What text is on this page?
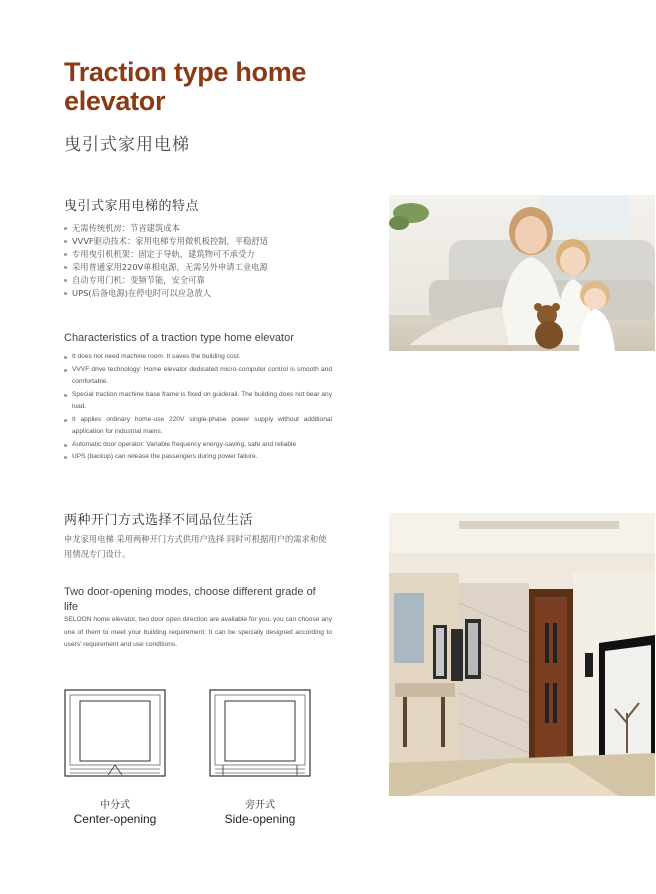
Traction type home elevator
曳引式家用电梯
曳引式家用电梯的特点
无需传统机房：节省建筑成本
VVVF驱动技术：家用电梯专用微机板控制，平稳舒适
专用曳引机机架：固定于导轨，建筑物可不承受力
采用普通家用220V单相电源，无需另外申请工业电源
自动专用门机：变频节能，安全可靠
UPS(后备电源)在停电时可以应急放人
Characteristics of a traction type home elevator
It does not need machine room. It saves the building cost.
VVVF drive technology: Home elevator dedicated micro-computer control is smooth and comfortable.
Special traction machine base frame is fixed on guiderail. The building does not bear any load.
It applies ordinary home-use 220V single-phase power supply without additional application for industrial mains.
Automatic door operator: Variable frequency energy-saving, safe and reliable
UPS (backup) can release the passengers during power failure.
两种开门方式选择不同品位生活
申龙家用电梯 采用两种开门方式供用户选择 同时可根据用户的需求和使用情况专门设计。
Two door-opening modes, choose different grade of life
SELOON home elevator, two door open direction are available for you, you can choose any one of them to meet your building requirement. It can be specially designed according to users' requirement and use conditions.
中分式
Center-opening
旁开式
Side-opening
